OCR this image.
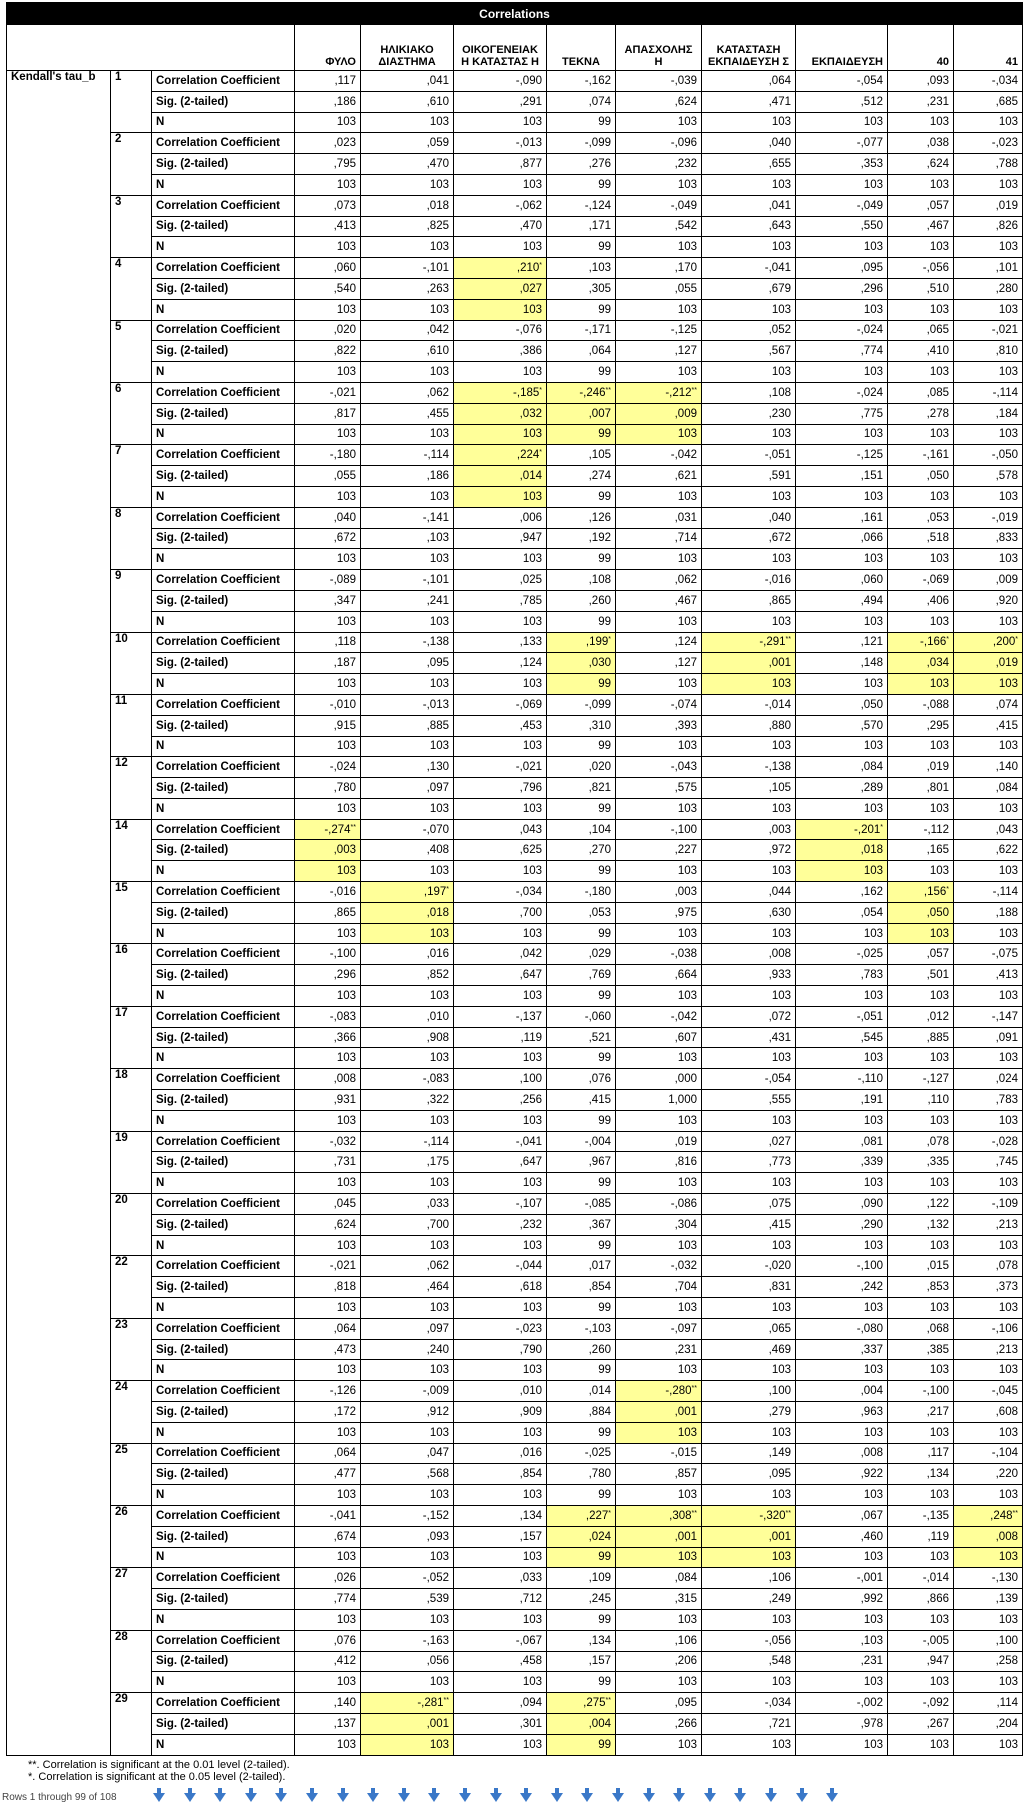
Correlations											
			ΦΥΛΟ	ΗΛΙΚΙΑΚΟ ΔΙΑΣΤΗΜΑ	ΟΙΚΟΓΕΝΕΙΑΚ Η ΚΑΤΑΣΤΑΣ Η	ΤΕΚΝΑ	ΑΠΑΣΧΟΛΗΣ Η	ΚΑΤΑΣΤΑΣΗ ΕΚΠΑΙΔΕΥΣΗ Σ	ΕΚΠΑΙΔΕΥΣΗ	40	41
Kendall's tau_b	1	Correlation Coefficient	,117	,041	-,090	-,162	-,039	,064	-,054	,093	-,034
		Sig. (2-tailed)	,186	,610	,291	,074	,624	,471	,512	,231	,685
		N	103	103	103	99	103	103	103	103	103
	2	Correlation Coefficient	,023	,059	-,013	-,099	-,096	,040	-,077	,038	-,023
		Sig. (2-tailed)	,795	,470	,877	,276	,232	,655	,353	,624	,788
		N	103	103	103	99	103	103	103	103	103
	3	Correlation Coefficient	,073	,018	-,062	-,124	-,049	,041	-,049	,057	,019
		Sig. (2-tailed)	,413	,825	,470	,171	,542	,643	,550	,467	,826
		N	103	103	103	99	103	103	103	103	103
	4	Correlation Coefficient	,060	-,101	,210*	,103	,170	-,041	,095	-,056	,101
		Sig. (2-tailed)	,540	,263	,027	,305	,055	,679	,296	,510	,280
		N	103	103	103	99	103	103	103	103	103
	5	Correlation Coefficient	,020	,042	-,076	-,171	-,125	,052	-,024	,065	-,021
		Sig. (2-tailed)	,822	,610	,386	,064	,127	,567	,774	,410	,810
		N	103	103	103	99	103	103	103	103	103
	6	Correlation Coefficient	-,021	,062	-,185*	-,246**	-,212**	,108	-,024	,085	-,114
		Sig. (2-tailed)	,817	,455	,032	,007	,009	,230	,775	,278	,184
		N	103	103	103	99	103	103	103	103	103
	7	Correlation Coefficient	-,180	-,114	,224*	,105	-,042	-,051	-,125	-,161	-,050
		Sig. (2-tailed)	,055	,186	,014	,274	,621	,591	,151	,050	,578
		N	103	103	103	99	103	103	103	103	103
	8	Correlation Coefficient	,040	-,141	,006	,126	,031	,040	,161	,053	-,019
		Sig. (2-tailed)	,672	,103	,947	,192	,714	,672	,066	,518	,833
		N	103	103	103	99	103	103	103	103	103
	9	Correlation Coefficient	-,089	-,101	,025	,108	,062	-,016	,060	-,069	,009
		Sig. (2-tailed)	,347	,241	,785	,260	,467	,865	,494	,406	,920
		N	103	103	103	99	103	103	103	103	103
	10	Correlation Coefficient	,118	-,138	,133	,199*	,124	-,291**	,121	-,166*	,200*
		Sig. (2-tailed)	,187	,095	,124	,030	,127	,001	,148	,034	,019
		N	103	103	103	99	103	103	103	103	103
	11	Correlation Coefficient	-,010	-,013	-,069	-,099	-,074	-,014	,050	-,088	,074
		Sig. (2-tailed)	,915	,885	,453	,310	,393	,880	,570	,295	,415
		N	103	103	103	99	103	103	103	103	103
	12	Correlation Coefficient	-,024	,130	-,021	,020	-,043	-,138	,084	,019	,140
		Sig. (2-tailed)	,780	,097	,796	,821	,575	,105	,289	,801	,084
		N	103	103	103	99	103	103	103	103	103
	14	Correlation Coefficient	-,274**	-,070	,043	,104	-,100	,003	-,201*	-,112	,043
		Sig. (2-tailed)	,003	,408	,625	,270	,227	,972	,018	,165	,622
		N	103	103	103	99	103	103	103	103	103
	15	Correlation Coefficient	-,016	,197*	-,034	-,180	,003	,044	,162	,156*	-,114
		Sig. (2-tailed)	,865	,018	,700	,053	,975	,630	,054	,050	,188
		N	103	103	103	99	103	103	103	103	103
	16	Correlation Coefficient	-,100	,016	,042	,029	-,038	,008	-,025	,057	-,075
		Sig. (2-tailed)	,296	,852	,647	,769	,664	,933	,783	,501	,413
		N	103	103	103	99	103	103	103	103	103
	17	Correlation Coefficient	-,083	,010	-,137	-,060	-,042	,072	-,051	,012	-,147
		Sig. (2-tailed)	,366	,908	,119	,521	,607	,431	,545	,885	,091
		N	103	103	103	99	103	103	103	103	103
	18	Correlation Coefficient	,008	-,083	,100	,076	,000	-,054	-,110	-,127	,024
		Sig. (2-tailed)	,931	,322	,256	,415	1,000	,555	,191	,110	,783
		N	103	103	103	99	103	103	103	103	103
	19	Correlation Coefficient	-,032	-,114	-,041	-,004	,019	,027	,081	,078	-,028
		Sig. (2-tailed)	,731	,175	,647	,967	,816	,773	,339	,335	,745
		N	103	103	103	99	103	103	103	103	103
	20	Correlation Coefficient	,045	,033	-,107	-,085	-,086	,075	,090	,122	-,109
		Sig. (2-tailed)	,624	,700	,232	,367	,304	,415	,290	,132	,213
		N	103	103	103	99	103	103	103	103	103
	22	Correlation Coefficient	-,021	,062	-,044	,017	-,032	-,020	-,100	,015	,078
		Sig. (2-tailed)	,818	,464	,618	,854	,704	,831	,242	,853	,373
		N	103	103	103	99	103	103	103	103	103
	23	Correlation Coefficient	,064	,097	-,023	-,103	-,097	,065	-,080	,068	-,106
		Sig. (2-tailed)	,473	,240	,790	,260	,231	,469	,337	,385	,213
		N	103	103	103	99	103	103	103	103	103
	24	Correlation Coefficient	-,126	-,009	,010	,014	-,280**	,100	,004	-,100	-,045
		Sig. (2-tailed)	,172	,912	,909	,884	,001	,279	,963	,217	,608
		N	103	103	103	99	103	103	103	103	103
	25	Correlation Coefficient	,064	,047	,016	-,025	-,015	,149	,008	,117	-,104
		Sig. (2-tailed)	,477	,568	,854	,780	,857	,095	,922	,134	,220
		N	103	103	103	99	103	103	103	103	103
	26	Correlation Coefficient	-,041	-,152	,134	,227*	,308**	-,320**	,067	-,135	,248**
		Sig. (2-tailed)	,674	,093	,157	,024	,001	,001	,460	,119	,008
		N	103	103	103	99	103	103	103	103	103
	27	Correlation Coefficient	,026	-,052	,033	,109	,084	,106	-,001	-,014	-,130
		Sig. (2-tailed)	,774	,539	,712	,245	,315	,249	,992	,866	,139
		N	103	103	103	99	103	103	103	103	103
	28	Correlation Coefficient	,076	-,163	-,067	,134	,106	-,056	,103	-,005	,100
		Sig. (2-tailed)	,412	,056	,458	,157	,206	,548	,231	,947	,258
		N	103	103	103	99	103	103	103	103	103
	29	Correlation Coefficient	,140	-,281**	,094	,275**	,095	-,034	-,002	-,092	,114
		Sig. (2-tailed)	,137	,001	,301	,004	,266	,721	,978	,267	,204
		N	103	103	103	99	103	103	103	103	103
**. Correlation is significant at the 0.01 level (2-tailed).
*. Correlation is significant at the 0.05 level (2-tailed).
Rows 1 through 99 of 108
